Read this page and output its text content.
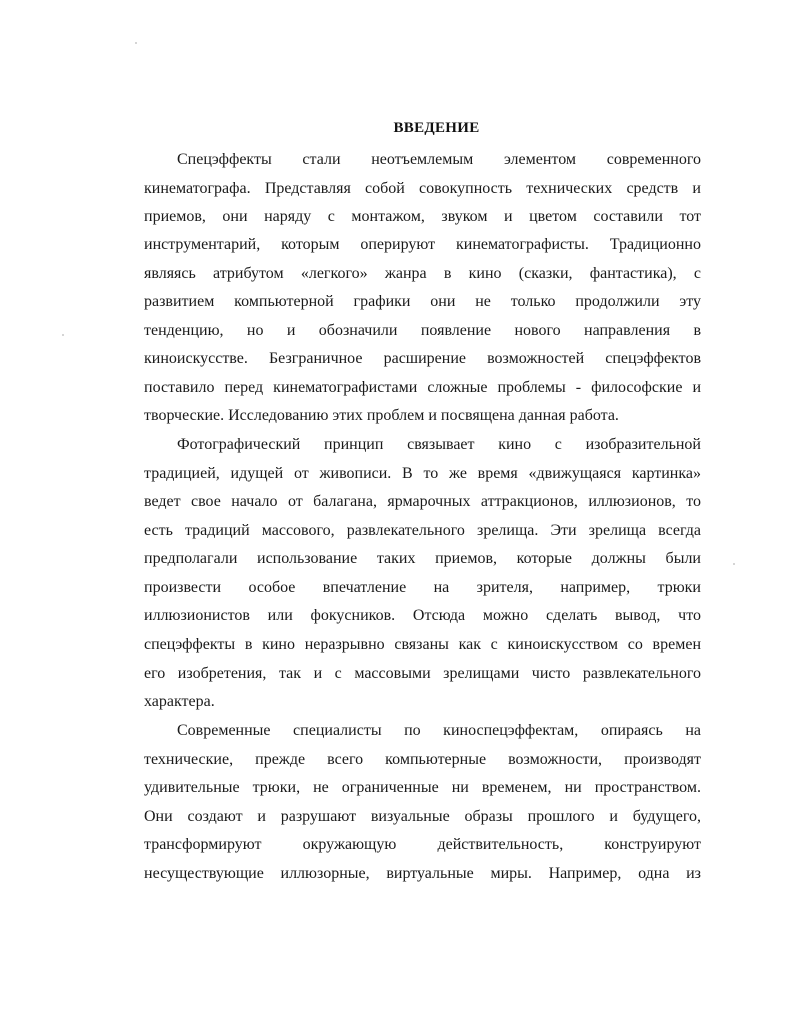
ВВЕДЕНИЕ
Спецэффекты стали неотъемлемым элементом современного
кинематографа. Представляя собой совокупность технических средств и
приемов, они наряду с монтажом, звуком и цветом составили тот
инструментарий, которым оперируют кинематографисты. Традиционно
являясь атрибутом «легкого» жанра в кино (сказки, фантастика), с
развитием компьютерной графики они не только продолжили эту
тенденцию, но и обозначили появление нового направления в
киноискусстве. Безграничное расширение возможностей спецэффектов
поставило перед кинематографистами сложные проблемы - философские и
творческие. Исследованию этих проблем и посвящена данная работа.
Фотографический принцип связывает кино с изобразительной
традицией, идущей от живописи. В то же время «движущаяся картинка»
ведет свое начало от балагана, ярмарочных аттракционов, иллюзионов, то
есть традиций массового, развлекательного зрелища. Эти зрелища всегда
предполагали использование таких приемов, которые должны были
произвести особое впечатление на зрителя, например, трюки
иллюзионистов или фокусников. Отсюда можно сделать вывод, что
спецэффекты в кино неразрывно связаны как с киноискусством со времен
его изобретения, так и с массовыми зрелищами чисто развлекательного
характера.
Современные специалисты по киноспецэффектам, опираясь на
технические, прежде всего компьютерные возможности, производят
удивительные трюки, не ограниченные ни временем, ни пространством.
Они создают и разрушают визуальные образы прошлого и будущего,
трансформируют окружающую действительность, конструируют
несуществующие иллюзорные, виртуальные миры. Например, одна из
